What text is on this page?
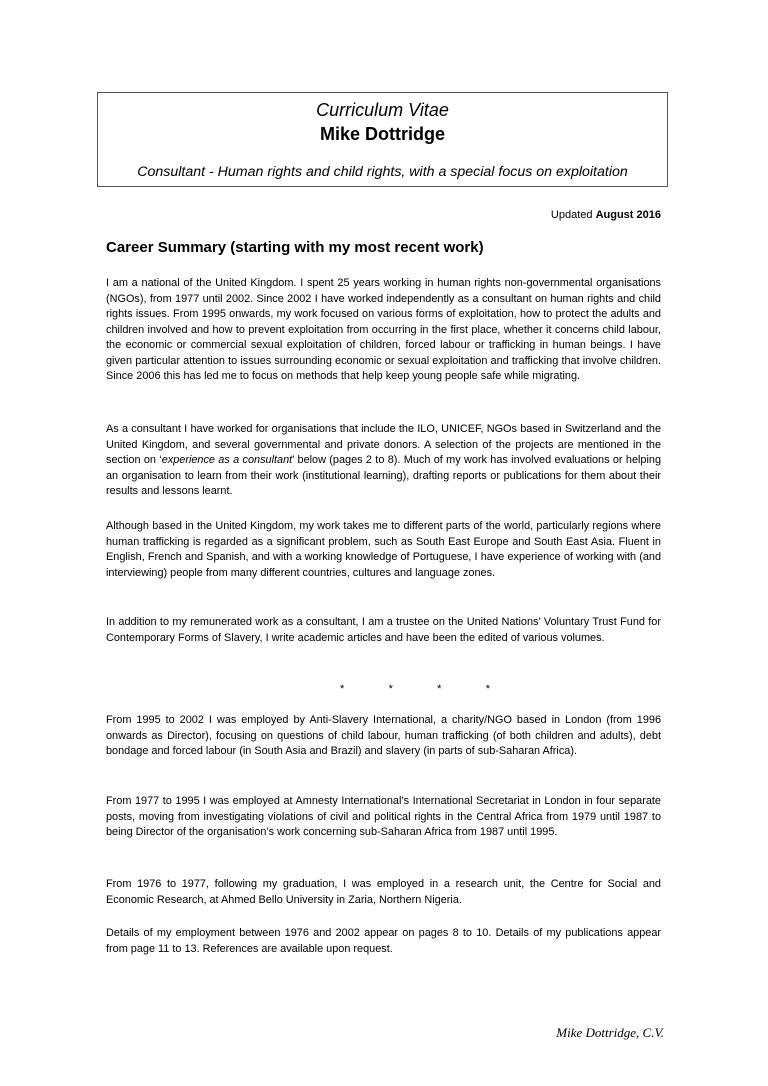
Curriculum Vitae
Mike Dottridge
Consultant - Human rights and child rights, with a special focus on exploitation
Updated August 2016
Career Summary (starting with my most recent work)

I am a national of the United Kingdom. I spent 25 years working in human rights non-governmental organisations (NGOs), from 1977 until 2002. Since 2002 I have worked independently as a consultant on human rights and child rights issues. From 1995 onwards, my work focused on various forms of exploitation, how to protect the adults and children involved and how to prevent exploitation from occurring in the first place, whether it concerns child labour, the economic or commercial sexual exploitation of children, forced labour or trafficking in human beings. I have given particular attention to issues surrounding economic or sexual exploitation and trafficking that involve children. Since 2006 this has led me to focus on methods that help keep young people safe while migrating.

As a consultant I have worked for organisations that include the ILO, UNICEF, NGOs based in Switzerland and the United Kingdom, and several governmental and private donors. A selection of the projects are mentioned in the section on ‘experience as a consultant’ below (pages 2 to 8). Much of my work has involved evaluations or helping an organisation to learn from their work (institutional learning), drafting reports or publications for them about their results and lessons learnt.

Although based in the United Kingdom, my work takes me to different parts of the world, particularly regions where human trafficking is regarded as a significant problem, such as South East Europe and South East Asia. Fluent in English, French and Spanish, and with a working knowledge of Portuguese, I have experience of working with (and interviewing) people from many different countries, cultures and language zones.

In addition to my remunerated work as a consultant, I am a trustee on the United Nations’ Voluntary Trust Fund for Contemporary Forms of Slavery, I write academic articles and have been the edited of various volumes.

*	*	*	*

From 1995 to 2002 I was employed by Anti-Slavery International, a charity/NGO based in London (from 1996 onwards as Director), focusing on questions of child labour, human trafficking (of both children and adults), debt bondage and forced labour (in South Asia and Brazil) and slavery (in parts of sub-Saharan Africa).

From 1977 to 1995 I was employed at Amnesty International’s International Secretariat in London in four separate posts, moving from investigating violations of civil and political rights in the Central Africa from 1979 until 1987 to being Director of the organisation’s work concerning sub-Saharan Africa from 1987 until 1995.

From 1976 to 1977, following my graduation, I was employed in a research unit, the Centre for Social and Economic Research, at Ahmed Bello University in Zaria, Northern Nigeria.

Details of my employment between 1976 and 2002 appear on pages 8 to 10. Details of my publications appear from page 11 to 13. References are available upon request.

Mike Dottridge, C.V.
